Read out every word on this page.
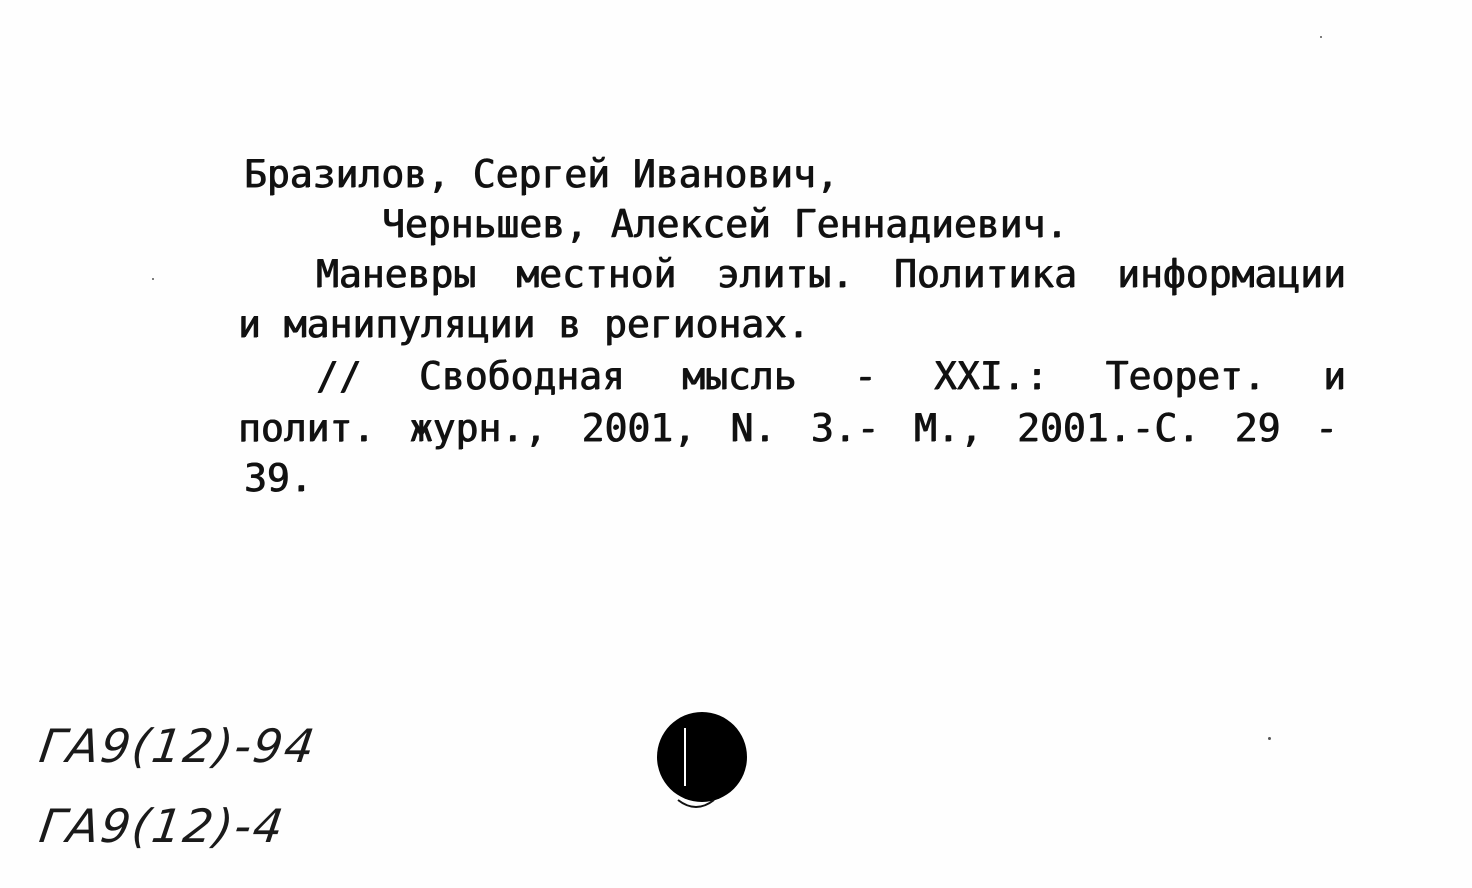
Бразилов, Сергей Иванович,
Черньшев, Алексей Геннадиевич.
Маневры местной элиты. Политика информации
и манипуляции в регионах.
// Свободная мысль - XXI.: Теорет. и
полит. журн., 2001, N. 3.- М., 2001.-С. 29 -
39.
ГА9(12)-94
ГА9(12)-4
